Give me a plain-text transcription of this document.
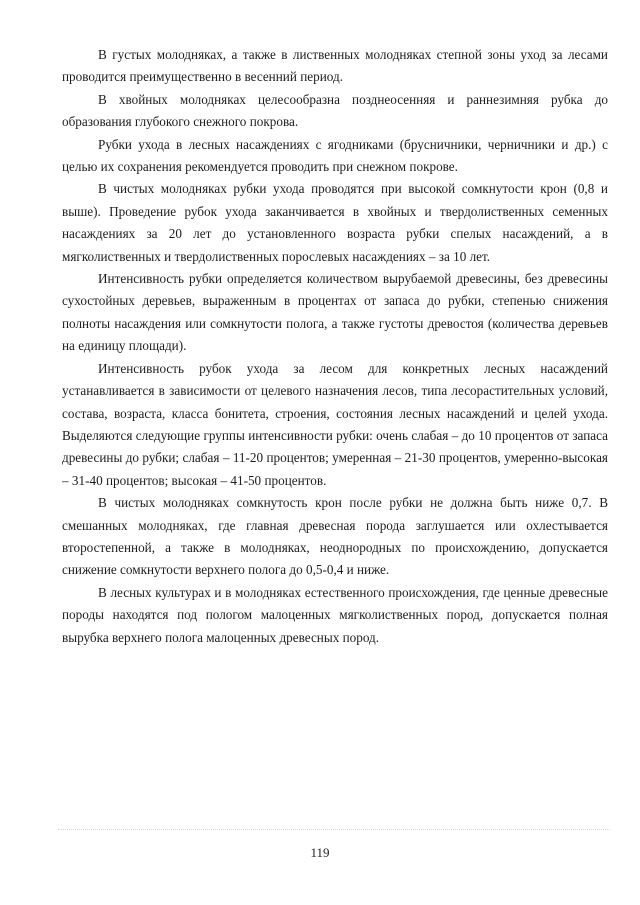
В густых молодняках, а также в лиственных молодняках степной зоны уход за лесами проводится преимущественно в весенний период.

В хвойных молодняках целесообразна позднеосенняя и раннезимняя рубка до образования глубокого снежного покрова.

Рубки ухода в лесных насаждениях с ягодниками (брусничники, черничники и др.) с целью их сохранения рекомендуется проводить при снежном покрове.

В чистых молодняках рубки ухода проводятся при высокой сомкнутости крон (0,8 и выше). Проведение рубок ухода заканчивается в хвойных и твердолиственных семенных насаждениях за 20 лет до установленного возраста рубки спелых насаждений, а в мягколиственных и твердолиственных порослевых насаждениях – за 10 лет.

Интенсивность рубки определяется количеством вырубаемой древесины, без древесины сухостойных деревьев, выраженным в процентах от запаса до рубки, степенью снижения полноты насаждения или сомкнутости полога, а также густоты древостоя (количества деревьев на единицу площади).

Интенсивность рубок ухода за лесом для конкретных лесных насаждений устанавливается в зависимости от целевого назначения лесов, типа лесорастительных условий, состава, возраста, класса бонитета, строения, состояния лесных насаждений и целей ухода. Выделяются следующие группы интенсивности рубки: очень слабая – до 10 процентов от запаса древесины до рубки; слабая – 11-20 процентов; умеренная – 21-30 процентов, умеренно-высокая – 31-40 процентов; высокая – 41-50 процентов.

В чистых молодняках сомкнутость крон после рубки не должна быть ниже 0,7. В смешанных молодняках, где главная древесная порода заглушается или охлестывается второстепенной, а также в молодняках, неоднородных по происхождению, допускается снижение сомкнутости верхнего полога до 0,5-0,4 и ниже.

В лесных культурах и в молодняках естественного происхождения, где ценные древесные породы находятся под пологом малоценных мягколиственных пород, допускается полная вырубка верхнего полога малоценных древесных пород.

119
